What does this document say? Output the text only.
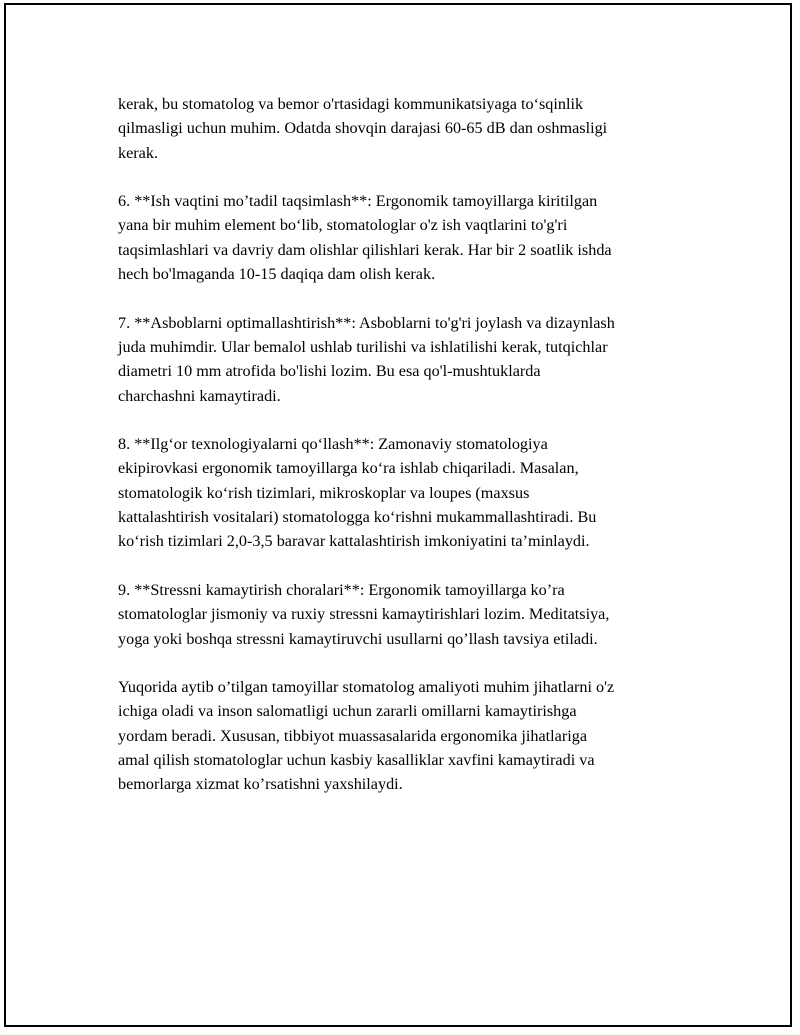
kerak, bu stomatolog va bemor o'rtasidagi kommunikatsiyaga to‘sqinlik
qilmasligi uchun muhim. Odatda shovqin darajasi 60-65 dB dan oshmasligi
kerak.

6. **Ish vaqtini mo’tadil taqsimlash**: Ergonomik tamoyillarga kiritilgan
yana bir muhim element bo‘lib, stomatologlar o'z ish vaqtlarini to'g'ri
taqsimlashlari va davriy dam olishlar qilishlari kerak. Har bir 2 soatlik ishda
hech bo'lmaganda 10-15 daqiqa dam olish kerak.

7. **Asboblarni optimallashtirish**: Asboblarni to'g'ri joylash va dizaynlash
juda muhimdir. Ular bemalol ushlab turilishi va ishlatilishi kerak, tutqichlar
diametri 10 mm atrofida bo'lishi lozim. Bu esa qo'l-mushtuklarda
charchashni kamaytiradi.

8. **Ilg‘or texnologiyalarni qo‘llash**: Zamonaviy stomatologiya
ekipirovkasi ergonomik tamoyillarga ko‘ra ishlab chiqariladi. Masalan,
stomatologik ko‘rish tizimlari, mikroskoplar va loupes (maxsus
kattalashtirish vositalari) stomatologga ko‘rishni mukammallashtiradi. Bu
ko‘rish tizimlari 2,0-3,5 baravar kattalashtirish imkoniyatini ta’minlaydi.

9. **Stressni kamaytirish choralari**: Ergonomik tamoyillarga ko’ra
stomatologlar jismoniy va ruxiy stressni kamaytirishlari lozim. Meditatsiya,
yoga yoki boshqa stressni kamaytiruvchi usullarni qo’llash tavsiya etiladi.

Yuqorida aytib o’tilgan tamoyillar stomatolog amaliyoti muhim jihatlarni o'z
ichiga oladi va inson salomatligi uchun zararli omillarni kamaytirishga
yordam beradi. Xususan, tibbiyot muassasalarida ergonomika jihatlariga
amal qilish stomatologlar uchun kasbiy kasalliklar xavfini kamaytiradi va
bemorlarga xizmat ko’rsatishni yaxshilaydi.
